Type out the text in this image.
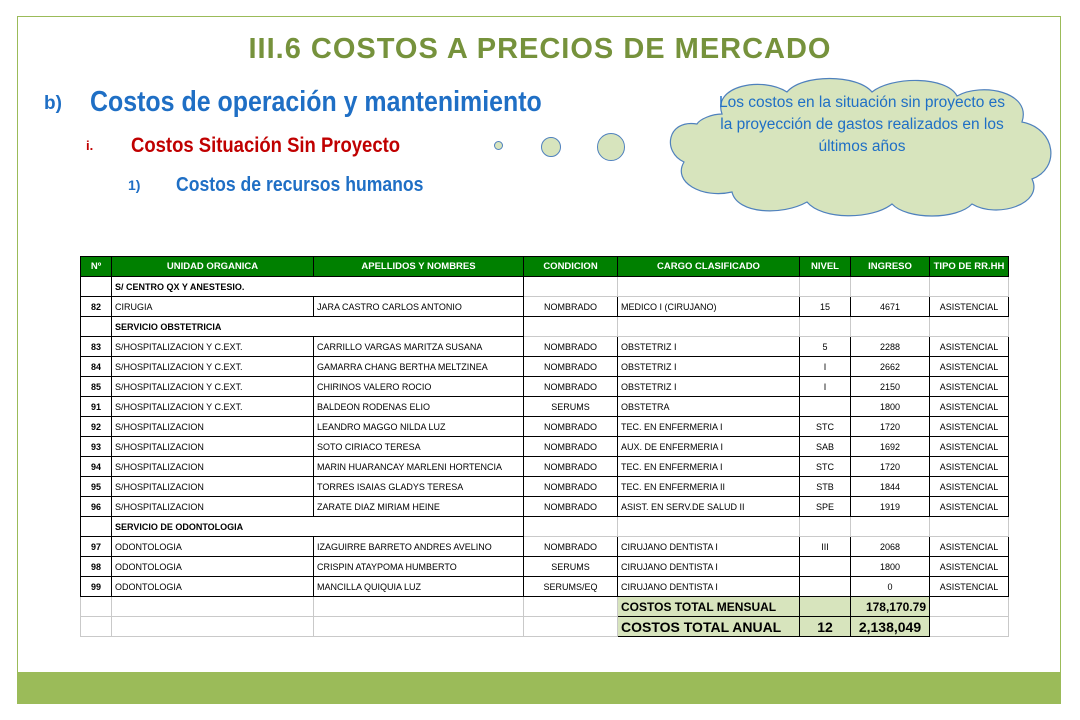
III.6 COSTOS A PRECIOS DE MERCADO
b) Costos de operación y mantenimiento
i. Costos Situación Sin Proyecto
1) Costos de recursos humanos
Los costos en la situación sin proyecto es la proyección de gastos realizados en los últimos años
Nº	UNIDAD ORGANICA	APELLIDOS Y NOMBRES	CONDICION	CARGO CLASIFICADO	NIVEL	INGRESO	TIPO DE RR.HH
	S/ CENTRO QX Y ANESTESIO.						
82	CIRUGIA	JARA CASTRO CARLOS ANTONIO	NOMBRADO	MEDICO I (CIRUJANO)	15	4671	ASISTENCIAL
	SERVICIO OBSTETRICIA						
83	S/HOSPITALIZACION Y C.EXT.	CARRILLO VARGAS MARITZA SUSANA	NOMBRADO	OBSTETRIZ I	5	2288	ASISTENCIAL
84	S/HOSPITALIZACION Y C.EXT.	GAMARRA CHANG BERTHA MELTZINEA	NOMBRADO	OBSTETRIZ I	I	2662	ASISTENCIAL
85	S/HOSPITALIZACION Y C.EXT.	CHIRINOS VALERO ROCIO	NOMBRADO	OBSTETRIZ I	I	2150	ASISTENCIAL
91	S/HOSPITALIZACION Y C.EXT.	BALDEON RODENAS ELIO	SERUMS	OBSTETRA		1800	ASISTENCIAL
92	S/HOSPITALIZACION	LEANDRO MAGGO NILDA LUZ	NOMBRADO	TEC. EN ENFERMERIA I	STC	1720	ASISTENCIAL
93	S/HOSPITALIZACION	SOTO CIRIACO TERESA	NOMBRADO	AUX. DE ENFERMERIA I	SAB	1692	ASISTENCIAL
94	S/HOSPITALIZACION	MARIN HUARANCAY MARLENI HORTENCIA	NOMBRADO	TEC. EN ENFERMERIA I	STC	1720	ASISTENCIAL
95	S/HOSPITALIZACION	TORRES ISAIAS GLADYS TERESA	NOMBRADO	TEC. EN ENFERMERIA II	STB	1844	ASISTENCIAL
96	S/HOSPITALIZACION	ZARATE DIAZ MIRIAM HEINE	NOMBRADO	ASIST. EN SERV.DE SALUD II	SPE	1919	ASISTENCIAL
	SERVICIO DE ODONTOLOGIA						
97	ODONTOLOGIA	IZAGUIRRE BARRETO ANDRES AVELINO	NOMBRADO	CIRUJANO DENTISTA I	III	2068	ASISTENCIAL
98	ODONTOLOGIA	CRISPIN ATAYPOMA HUMBERTO	SERUMS	CIRUJANO DENTISTA I		1800	ASISTENCIAL
99	ODONTOLOGIA	MANCILLA QUIQUIA LUZ	SERUMS/EQ	CIRUJANO DENTISTA I		0	ASISTENCIAL
				COSTOS TOTAL MENSUAL		178,170.79	
				COSTOS TOTAL ANUAL	12	2,138,049	
